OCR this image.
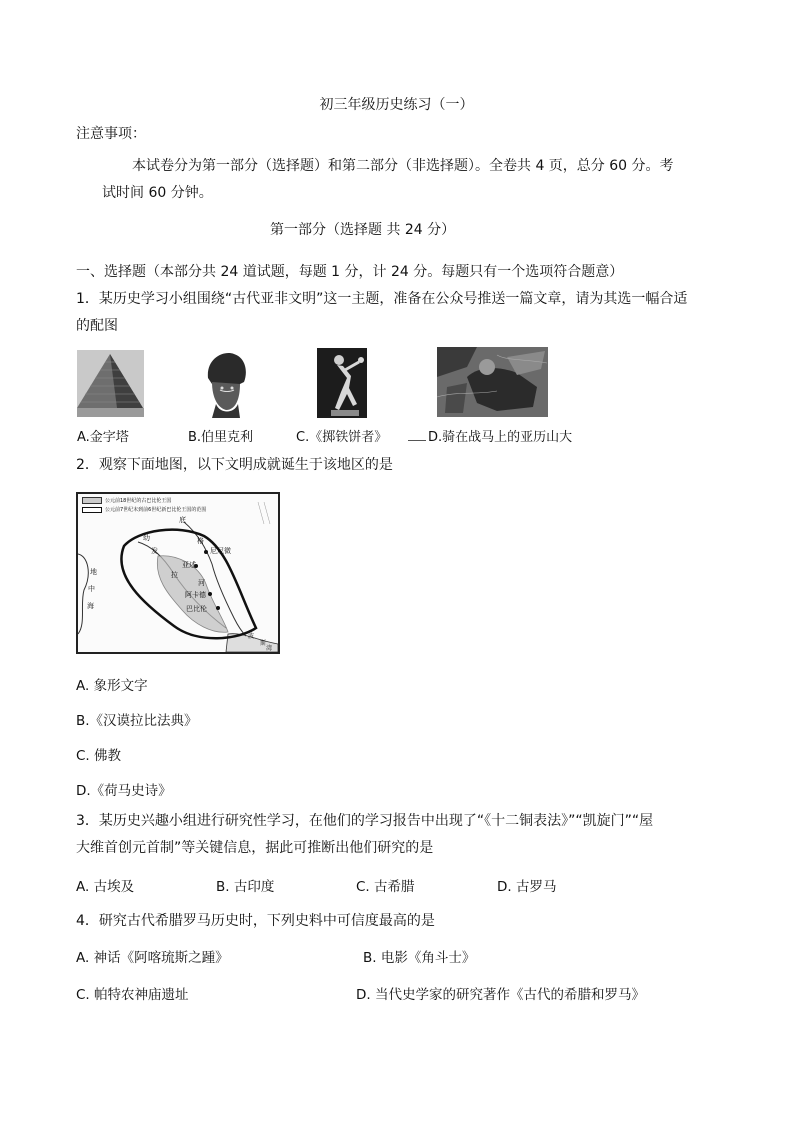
初三年级历史练习（一）
注意事项：
本试卷分为第一部分（选择题）和第二部分（非选择题）。全卷共 4 页，总分 60 分。考
试时间 60 分钟。
第一部分（选择题 共 24 分）
一、选择题（本部分共 24 道试题，每题 1 分，计 24 分。每题只有一个选项符合题意）
1．某历史学习小组围绕“古代亚非文明”这一主题，准备在公众号推送一篇文章，请为其选一幅合适
的配图
A.金字塔	B.伯里克利	C.《掷铁饼者》	D.骑在战马上的亚历山大
2．观察下面地图，以下文明成就诞生于该地区的是
公元前18世纪的古巴比伦王国
公元前7世纪末到前6世纪新巴比伦王国的范围
底
格
尼尼微
幼
发
亚述
拉
河
阿卡德
巴比伦
地
中
海
波
斯
湾
A. 象形文字
B.《汉谟拉比法典》
C. 佛教
D.《荷马史诗》
3．某历史兴趣小组进行研究性学习，在他们的学习报告中出现了“《十二铜表法》”“凯旋门”“屋
大维首创元首制”等关键信息，据此可推断出他们研究的是
A. 古埃及	B. 古印度	C. 古希腊	D. 古罗马
4．研究古代希腊罗马历史时，下列史料中可信度最高的是
A. 神话《阿喀琉斯之踵》	B. 电影《角斗士》
C. 帕特农神庙遗址	D. 当代史学家的研究著作《古代的希腊和罗马》
